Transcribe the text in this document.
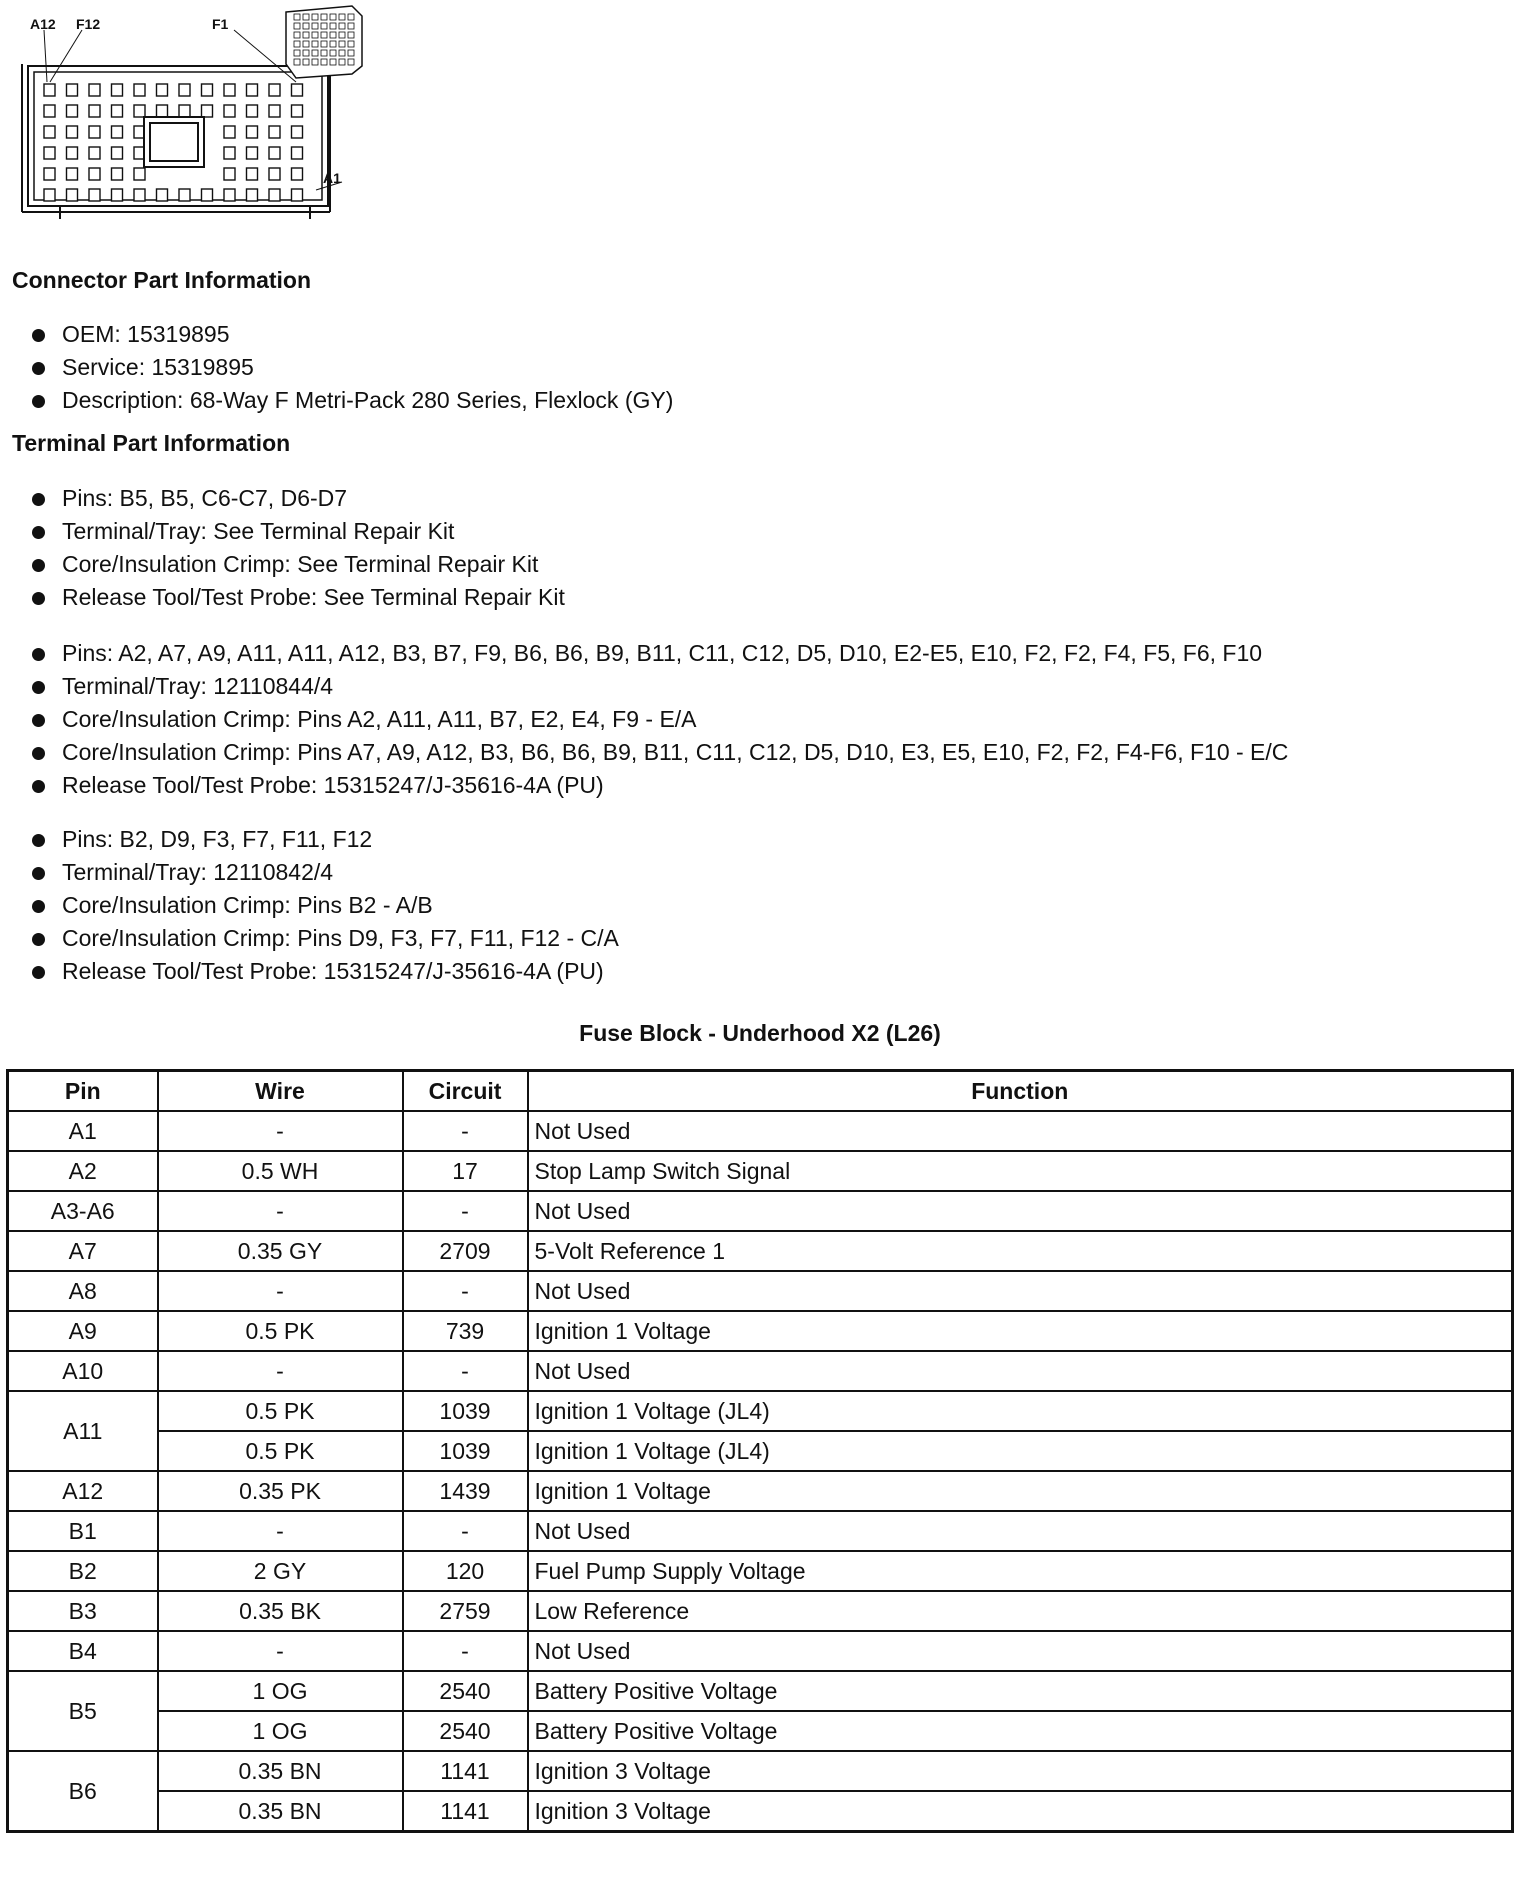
A12 F12	F1
A1
Connector Part Information
OEM: 15319895
Service: 15319895
Description: 68-Way F Metri-Pack 280 Series, Flexlock (GY)
Terminal Part Information
Pins: B5, B5, C6-C7, D6-D7
Terminal/Tray: See Terminal Repair Kit
Core/Insulation Crimp: See Terminal Repair Kit
Release Tool/Test Probe: See Terminal Repair Kit
Pins: A2, A7, A9, A11, A11, A12, B3, B7, F9, B6, B6, B9, B11, C11, C12, D5, D10, E2-E5, E10, F2, F2, F4, F5, F6, F10
Terminal/Tray: 12110844/4
Core/Insulation Crimp: Pins A2, A11, A11, B7, E2, E4, F9 - E/A
Core/Insulation Crimp: Pins A7, A9, A12, B3, B6, B6, B9, B11, C11, C12, D5, D10, E3, E5, E10, F2, F2, F4-F6, F10 - E/C
Release Tool/Test Probe: 15315247/J-35616-4A (PU)
Pins: B2, D9, F3, F7, F11, F12
Terminal/Tray: 12110842/4
Core/Insulation Crimp: Pins B2 - A/B
Core/Insulation Crimp: Pins D9, F3, F7, F11, F12 - C/A
Release Tool/Test Probe: 15315247/J-35616-4A (PU)
Fuse Block - Underhood X2 (L26)
Pin	Wire	Circuit	Function
A1	-	-	Not Used
A2	0.5 WH	17	Stop Lamp Switch Signal
A3-A6	-	-	Not Used
A7	0.35 GY	2709	5-Volt Reference 1
A8	-	-	Not Used
A9	0.5 PK	739	Ignition 1 Voltage
A10	-	-	Not Used
A11	0.5 PK	1039	Ignition 1 Voltage (JL4)
	0.5 PK	1039	Ignition 1 Voltage (JL4)
A12	0.35 PK	1439	Ignition 1 Voltage
B1	-	-	Not Used
B2	2 GY	120	Fuel Pump Supply Voltage
B3	0.35 BK	2759	Low Reference
B4	-	-	Not Used
B5	1 OG	2540	Battery Positive Voltage
	1 OG	2540	Battery Positive Voltage
B6	0.35 BN	1141	Ignition 3 Voltage
	0.35 BN	1141	Ignition 3 Voltage
